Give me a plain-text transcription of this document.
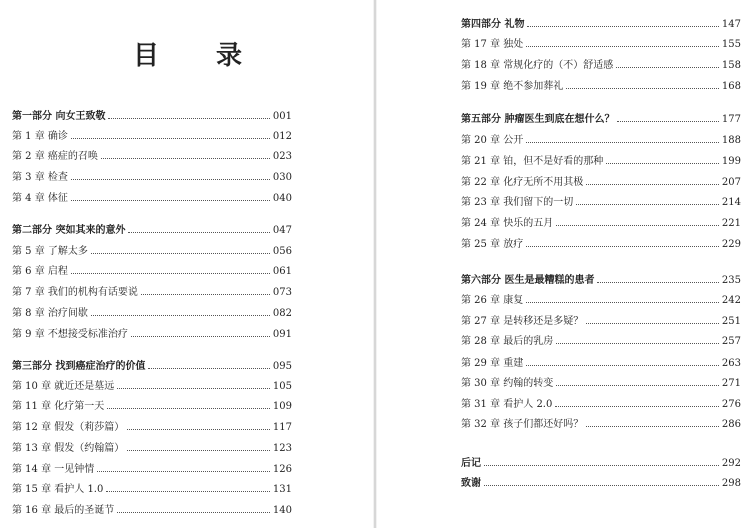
目 录
第一部分 向女王致敬	001
第 1 章 确诊	012
第 2 章 癌症的召唤	023
第 3 章 检查	030
第 4 章 体征	040
第二部分 突如其来的意外	047
第 5 章 了解太多	056
第 6 章 启程	061
第 7 章 我们的机构有话要说	073
第 8 章 治疗间歇	082
第 9 章 不想接受标准治疗	091
第三部分 找到癌症治疗的价值	095
第 10 章 就近还是墓远	105
第 11 章 化疗第一天	109
第 12 章 假发（莉莎篇）	117
第 13 章 假发（约翰篇）	123
第 14 章 一见钟情	126
第 15 章 看护人 1.0	131
第 16 章 最后的圣诞节	140
第四部分 礼物	147
第 17 章 独处	155
第 18 章 常规化疗的（不）舒适感	158
第 19 章 绝不参加葬礼	168
第五部分 肿瘤医生到底在想什么？	177
第 20 章 公开	188
第 21 章 铂，但不是好看的那种	199
第 22 章 化疗无所不用其极	207
第 23 章 我们留下的一切	214
第 24 章 快乐的五月	221
第 25 章 放疗	229
第六部分 医生是最糟糕的患者	235
第 26 章 康复	242
第 27 章 是转移还是多疑？	251
第 28 章 最后的乳房	257
第 29 章 重建	263
第 30 章 约翰的转变	271
第 31 章 看护人 2.0	276
第 32 章 孩子们都还好吗？	286
后记	292
致谢	298
